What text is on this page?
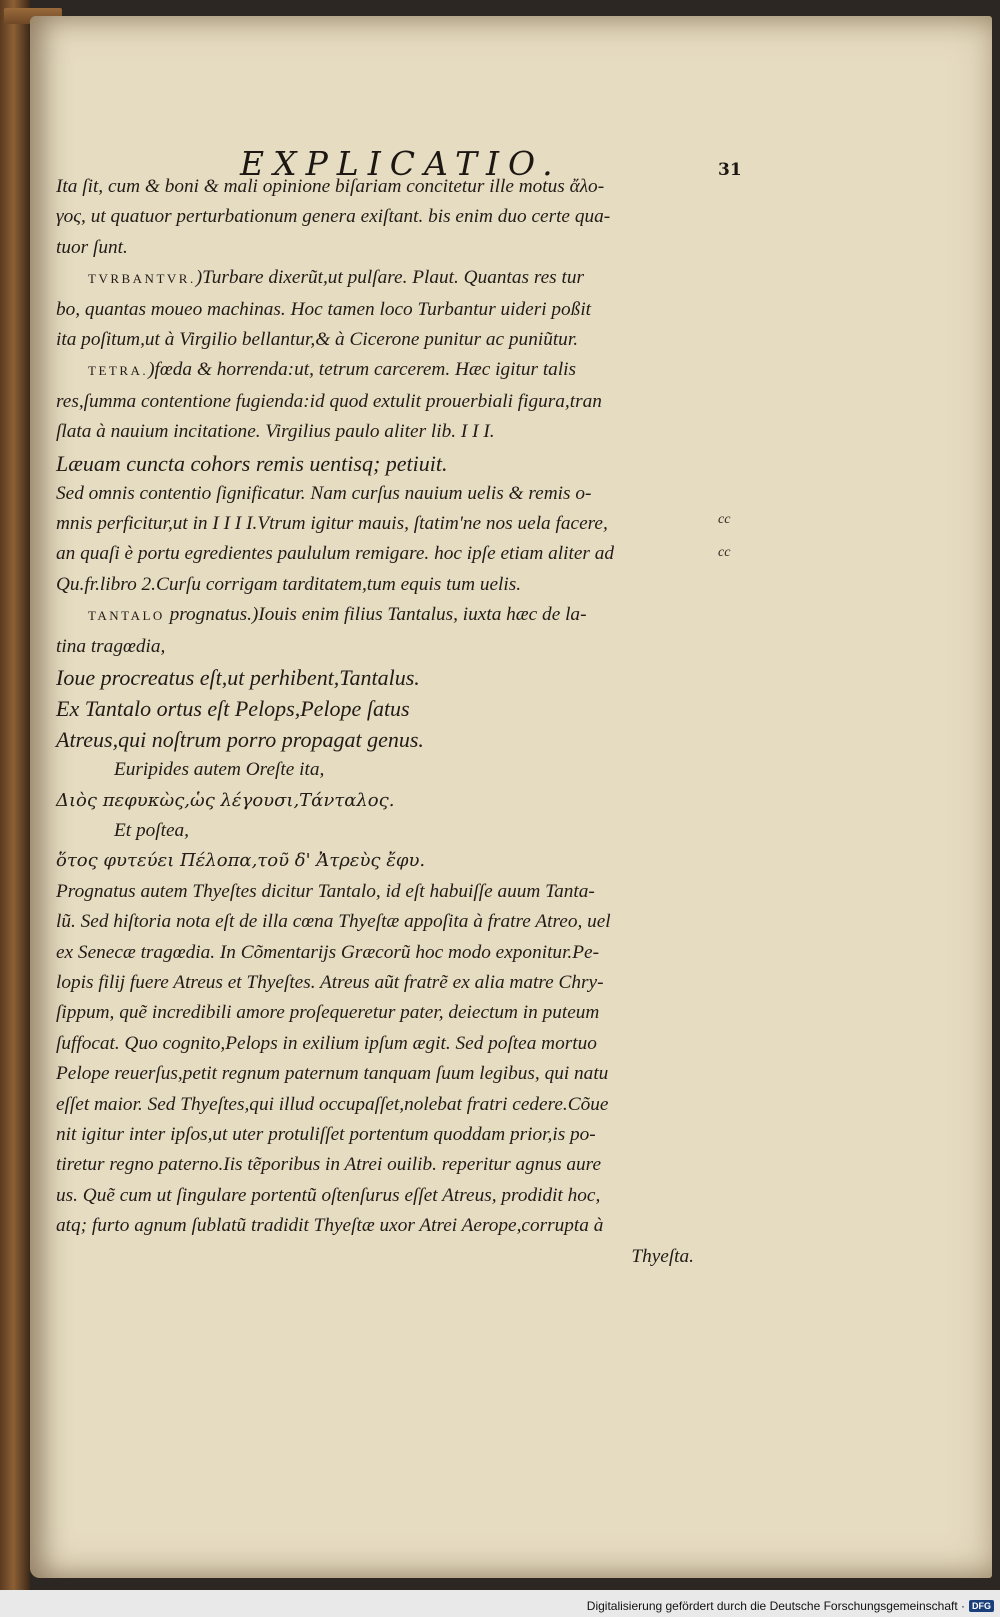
EXPLICATIO.	31

Ita ſit, cum & boni & mali opinione biſariam concitetur ille motus ἄλο-

γος, ut quatuor perturbationum genera exiſtant. bis enim duo certe qua-

tuor ſunt.

TVRBANTVR.)Turbare dixerũt,ut pulſare. Plaut. Quantas res tur

bo, quantas moueo machinas. Hoc tamen loco Turbantur uideri poßit

ita poſitum,ut à Virgilio bellantur,& à Cicerone punitur ac puniũtur.

TETRA.)fœda & horrenda:ut, tetrum carcerem. Hæc igitur talis

res,ſumma contentione fugienda:id quod extulit prouerbiali figura,tran

ſlata à nauium incitatione. Virgilius paulo aliter lib. I I I.

Læuam cuncta cohors remis uentisq; petiuit.

Sed omnis contentio ſignificatur. Nam curſus nauium uelis & remis o-

mnis perficitur,ut in I I I I.Vtrum igitur mauis, ſtatim'ne nos uela facere,

an quaſi è portu egredientes paululum remigare. hoc ipſe etiam aliter ad

Qu.fr.libro 2.Curſu corrigam tarditatem,tum equis tum uelis.

TANTALO prognatus.)Iouis enim filius Tantalus, iuxta hæc de la-

tina tragœdia,

Ioue procreatus eſt,ut perhibent,Tantalus.

Ex Tantalo ortus eſt Pelops,Pelope ſatus

Atreus,qui noſtrum porro propagat genus.

Euripides autem Oreſte ita,

Διὸς πεφυκὼς,ὡς λέγουσι,Τάνταλος.

Et poſtea,

ὅτος φυτεύει Πέλοπα,τοῦ δ' Ἀτρεὺς ἔφυ.

Prognatus autem Thyeſtes dicitur Tantalo, id eſt habuiſſe auum Tanta-

lũ. Sed hiſtoria nota eſt de illa cœna Thyeſtæ appoſita à fratre Atreo, uel

ex Senecæ tragœdia. In Cõmentarijs Græcorũ hoc modo exponitur.Pe-

lopis filij fuere Atreus et Thyeſtes. Atreus aũt fratrẽ ex alia matre Chry-

ſippum, quẽ incredibili amore proſequeretur pater, deiectum in puteum

ſuffocat. Quo cognito,Pelops in exilium ipſum ægit. Sed poſtea mortuo

Pelope reuerſus,petit regnum paternum tanquam ſuum legibus, qui natu

eſſet maior. Sed Thyeſtes,qui illud occupaſſet,nolebat fratri cedere.Cõue

nit igitur inter ipſos,ut uter protuliſſet portentum quoddam prior,is po-

tiretur regno paterno.Iis tẽporibus in Atrei ouilib. reperitur agnus aure

us. Quẽ cum ut ſingulare portentũ oſtenſurus eſſet Atreus, prodidit hoc,

atq; furto agnum ſublatũ tradidit Thyeſtæ uxor Atrei Aerope,corrupta à

Thyeſta.

cc
cc
Digitalisierung gefördert durch die Deutsche Forschungsgemeinschaft · DFG
